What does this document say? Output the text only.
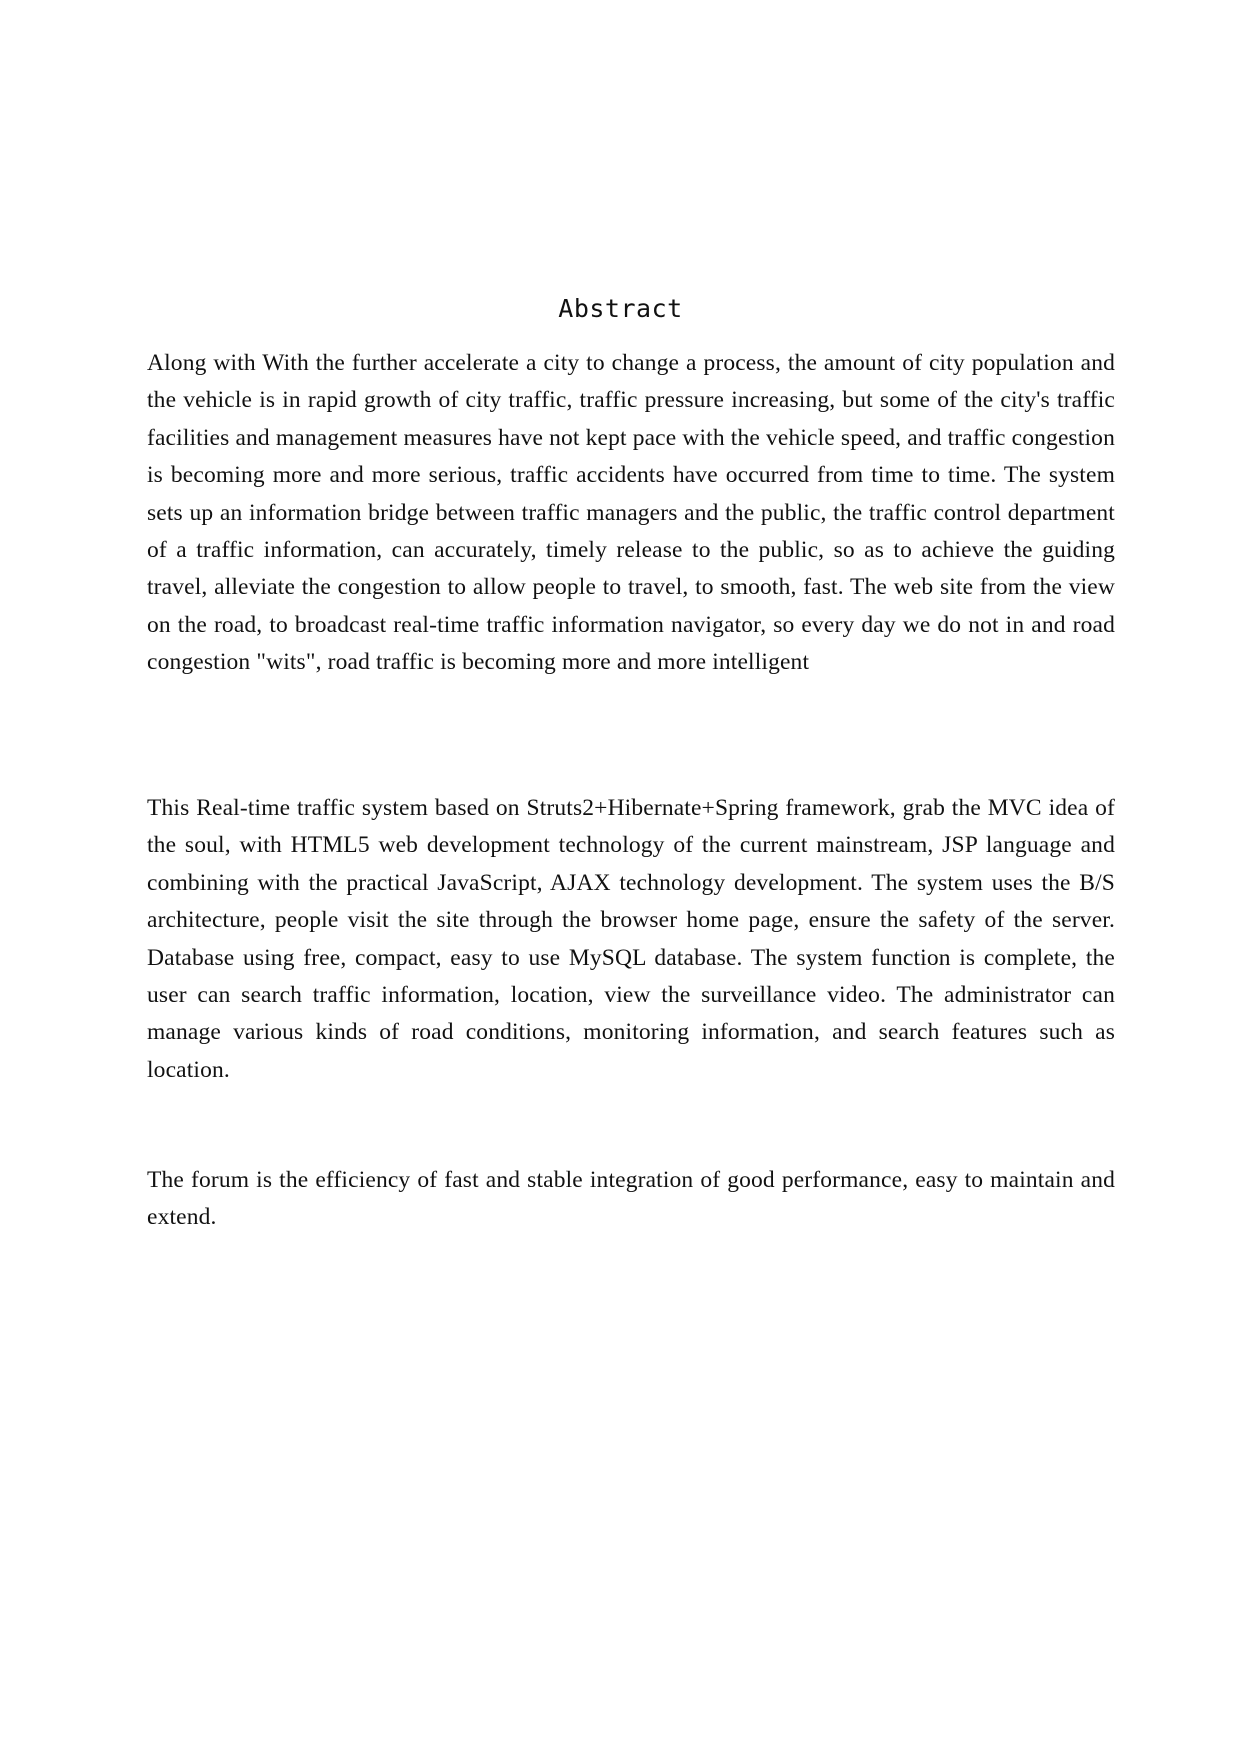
Abstract

Along with With the further accelerate a city to change a process, the amount of city population and the vehicle is in rapid growth of city traffic, traffic pressure increasing, but some of the city's traffic facilities and management measures have not kept pace with the vehicle speed, and traffic congestion is becoming more and more serious, traffic accidents have occurred from time to time. The system sets up an information bridge between traffic managers and the public, the traffic control department of a traffic information, can accurately, timely release to the public, so as to achieve the guiding travel, alleviate the congestion to allow people to travel, to smooth, fast. The web site from the view on the road, to broadcast real-time traffic information navigator, so every day we do not in and road congestion "wits", road traffic is becoming more and more intelligent

This Real-time traffic system based on Struts2+Hibernate+Spring framework, grab the MVC idea of the soul, with HTML5 web development technology of the current mainstream, JSP language and combining with the practical JavaScript, AJAX technology development. The system uses the B/S architecture, people visit the site through the browser home page, ensure the safety of the server. Database using free, compact, easy to use MySQL database. The system function is complete, the user can search traffic information, location, view the surveillance video. The administrator can manage various kinds of road conditions, monitoring information, and search features such as location.

The forum is the efficiency of fast and stable integration of good performance, easy to maintain and extend.
